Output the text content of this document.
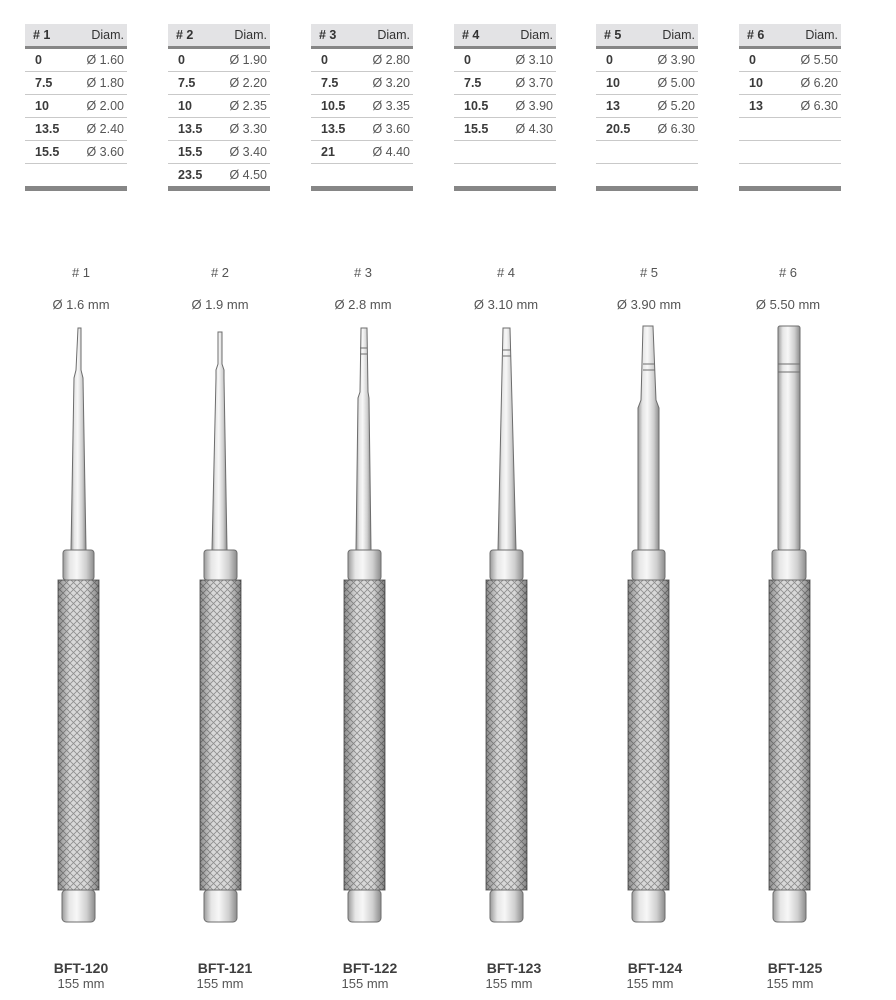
# 1	Diam.
0	Ø 1.60
7.5	Ø 1.80
10	Ø 2.00
13.5	Ø 2.40
15.5	Ø 3.60

# 2	Diam.
0	Ø 1.90
7.5	Ø 2.20
10	Ø 2.35
13.5	Ø 3.30
15.5	Ø 3.40
23.5	Ø 4.50
# 3	Diam.
0	Ø 2.80
7.5	Ø 3.20
10.5	Ø 3.35
13.5	Ø 3.60
21	Ø 4.40

# 4	Diam.
0	Ø 3.10
7.5	Ø 3.70
10.5	Ø 3.90
15.5	Ø 4.30

# 5	Diam.
0	Ø 3.90
10	Ø 5.00
13	Ø 5.20
20.5	Ø 6.30

# 6	Diam.
0	Ø 5.50
10	Ø 6.20
13	Ø 6.30

# 1
Ø 1.6 mm
# 2
Ø 1.9 mm
# 3
Ø 2.8 mm
# 4
Ø 3.10 mm
# 5
Ø 3.90 mm
# 6
Ø 5.50 mm
BFT-120
155 mm
BFT-121
155 mm
BFT-122
155 mm
BFT-123
155 mm
BFT-124
155 mm
BFT-125
155 mm
